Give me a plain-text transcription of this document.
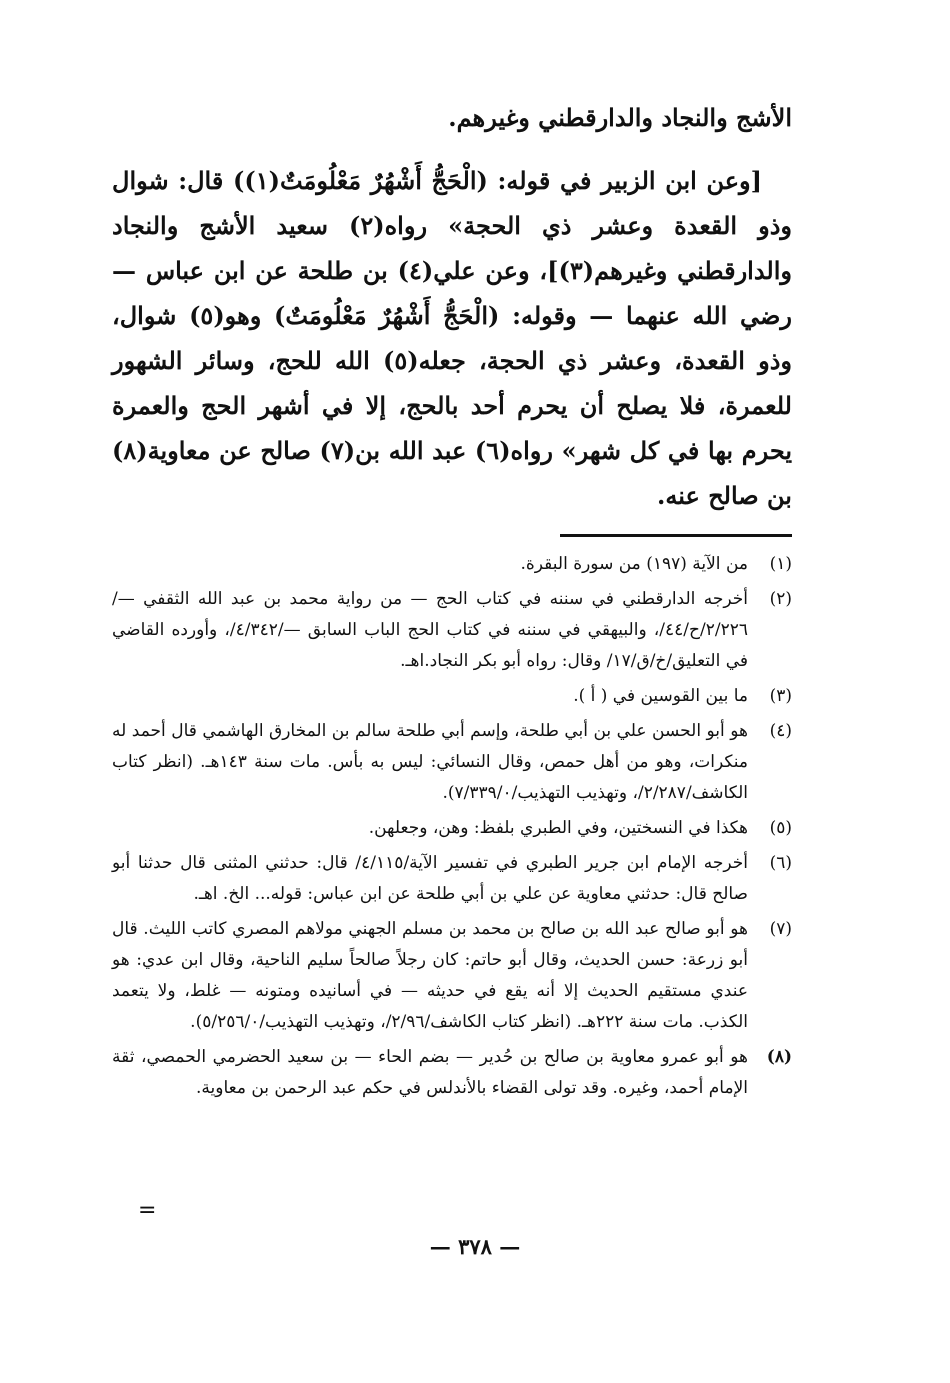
الأشج والنجاد والدارقطني وغيرهم.

[وعن ابن الزبير في قوله: (الْحَجُّ أَشْهُرٌ مَعْلُومَتٌ(١)) قال: شوال وذو القعدة وعشر ذي الحجة» رواه(٢) سعيد الأشج والنجاد والدارقطني وغيرهم(٣)]، وعن علي(٤) بن طلحة عن ابن عباس — رضي الله عنهما — وقوله: (الْحَجُّ أَشْهُرٌ مَعْلُومَتٌ) وهو(٥) شوال، وذو القعدة، وعشر ذي الحجة، جعله(٥) الله للحج، وسائر الشهور للعمرة، فلا يصلح أن يحرم أحد بالحج، إلا في أشهر الحج والعمرة يحرم بها في كل شهر» رواه(٦) عبد الله بن(٧) صالح عن معاوية(٨) بن صالح عنه.

(١)
من الآية (١٩٧) من سورة البقرة.
(٢)
أخرجه الدارقطني في سننه في كتاب الحج — من رواية محمد بن عبد الله الثقفي —/٢/٢٢٦/ح/٤٤/، والبيهقي في سننه في كتاب الحج الباب السابق —/٤/٣٤٢/، وأورده القاضي في التعليق/خ/ق/١٧/ وقال: رواه أبو بكر النجاد.اهـ.
(٣)
ما بين القوسين في ( أ ).
(٤)
هو أبو الحسن علي بن أبي طلحة، وإسم أبي طلحة سالم بن المخارق الهاشمي قال أحمد له منكرات، وهو من أهل حمص، وقال النسائي: ليس به بأس. مات سنة ١٤٣هـ. (انظر كتاب الكاشف/٢/٢٨٧/، وتهذيب التهذيب/٧/٣٣٩/٠).
(٥)
هكذا في النسختين، وفي الطبري بلفظ: وهن، وجعلهن.
(٦)
أخرجه الإمام ابن جرير الطبري في تفسير الآية/٤/١١٥/ قال: حدثني المثنى قال حدثنا أبو صالح قال: حدثني معاوية عن علي بن أبي طلحة عن ابن عباس: قوله... الخ. اهـ.
(٧)
هو أبو صالح عبد الله بن صالح بن محمد بن مسلم الجهني مولاهم المصري كاتب الليث. قال أبو زرعة: حسن الحديث، وقال أبو حاتم: كان رجلاً صالحاً سليم الناحية، وقال ابن عدي: هو عندي مستقيم الحديث إلا أنه يقع في حديثه — في أسانيده ومتونه — غلط، ولا يتعمد الكذب. مات سنة ٢٢٢هـ. (انظر كتاب الكاشف/٢/٩٦/، وتهذيب التهذيب/٥/٢٥٦/٠).
(٨)
هو أبو عمرو معاوية بن صالح بن حُدير — بضم الحاء — بن سعيد الحضرمي الحمصي، ثقة الإمام أحمد، وغيره. وقد تولى القضاء بالأندلس في حكم عبد الرحمن بن معاوية.
=
— ٣٧٨ —
